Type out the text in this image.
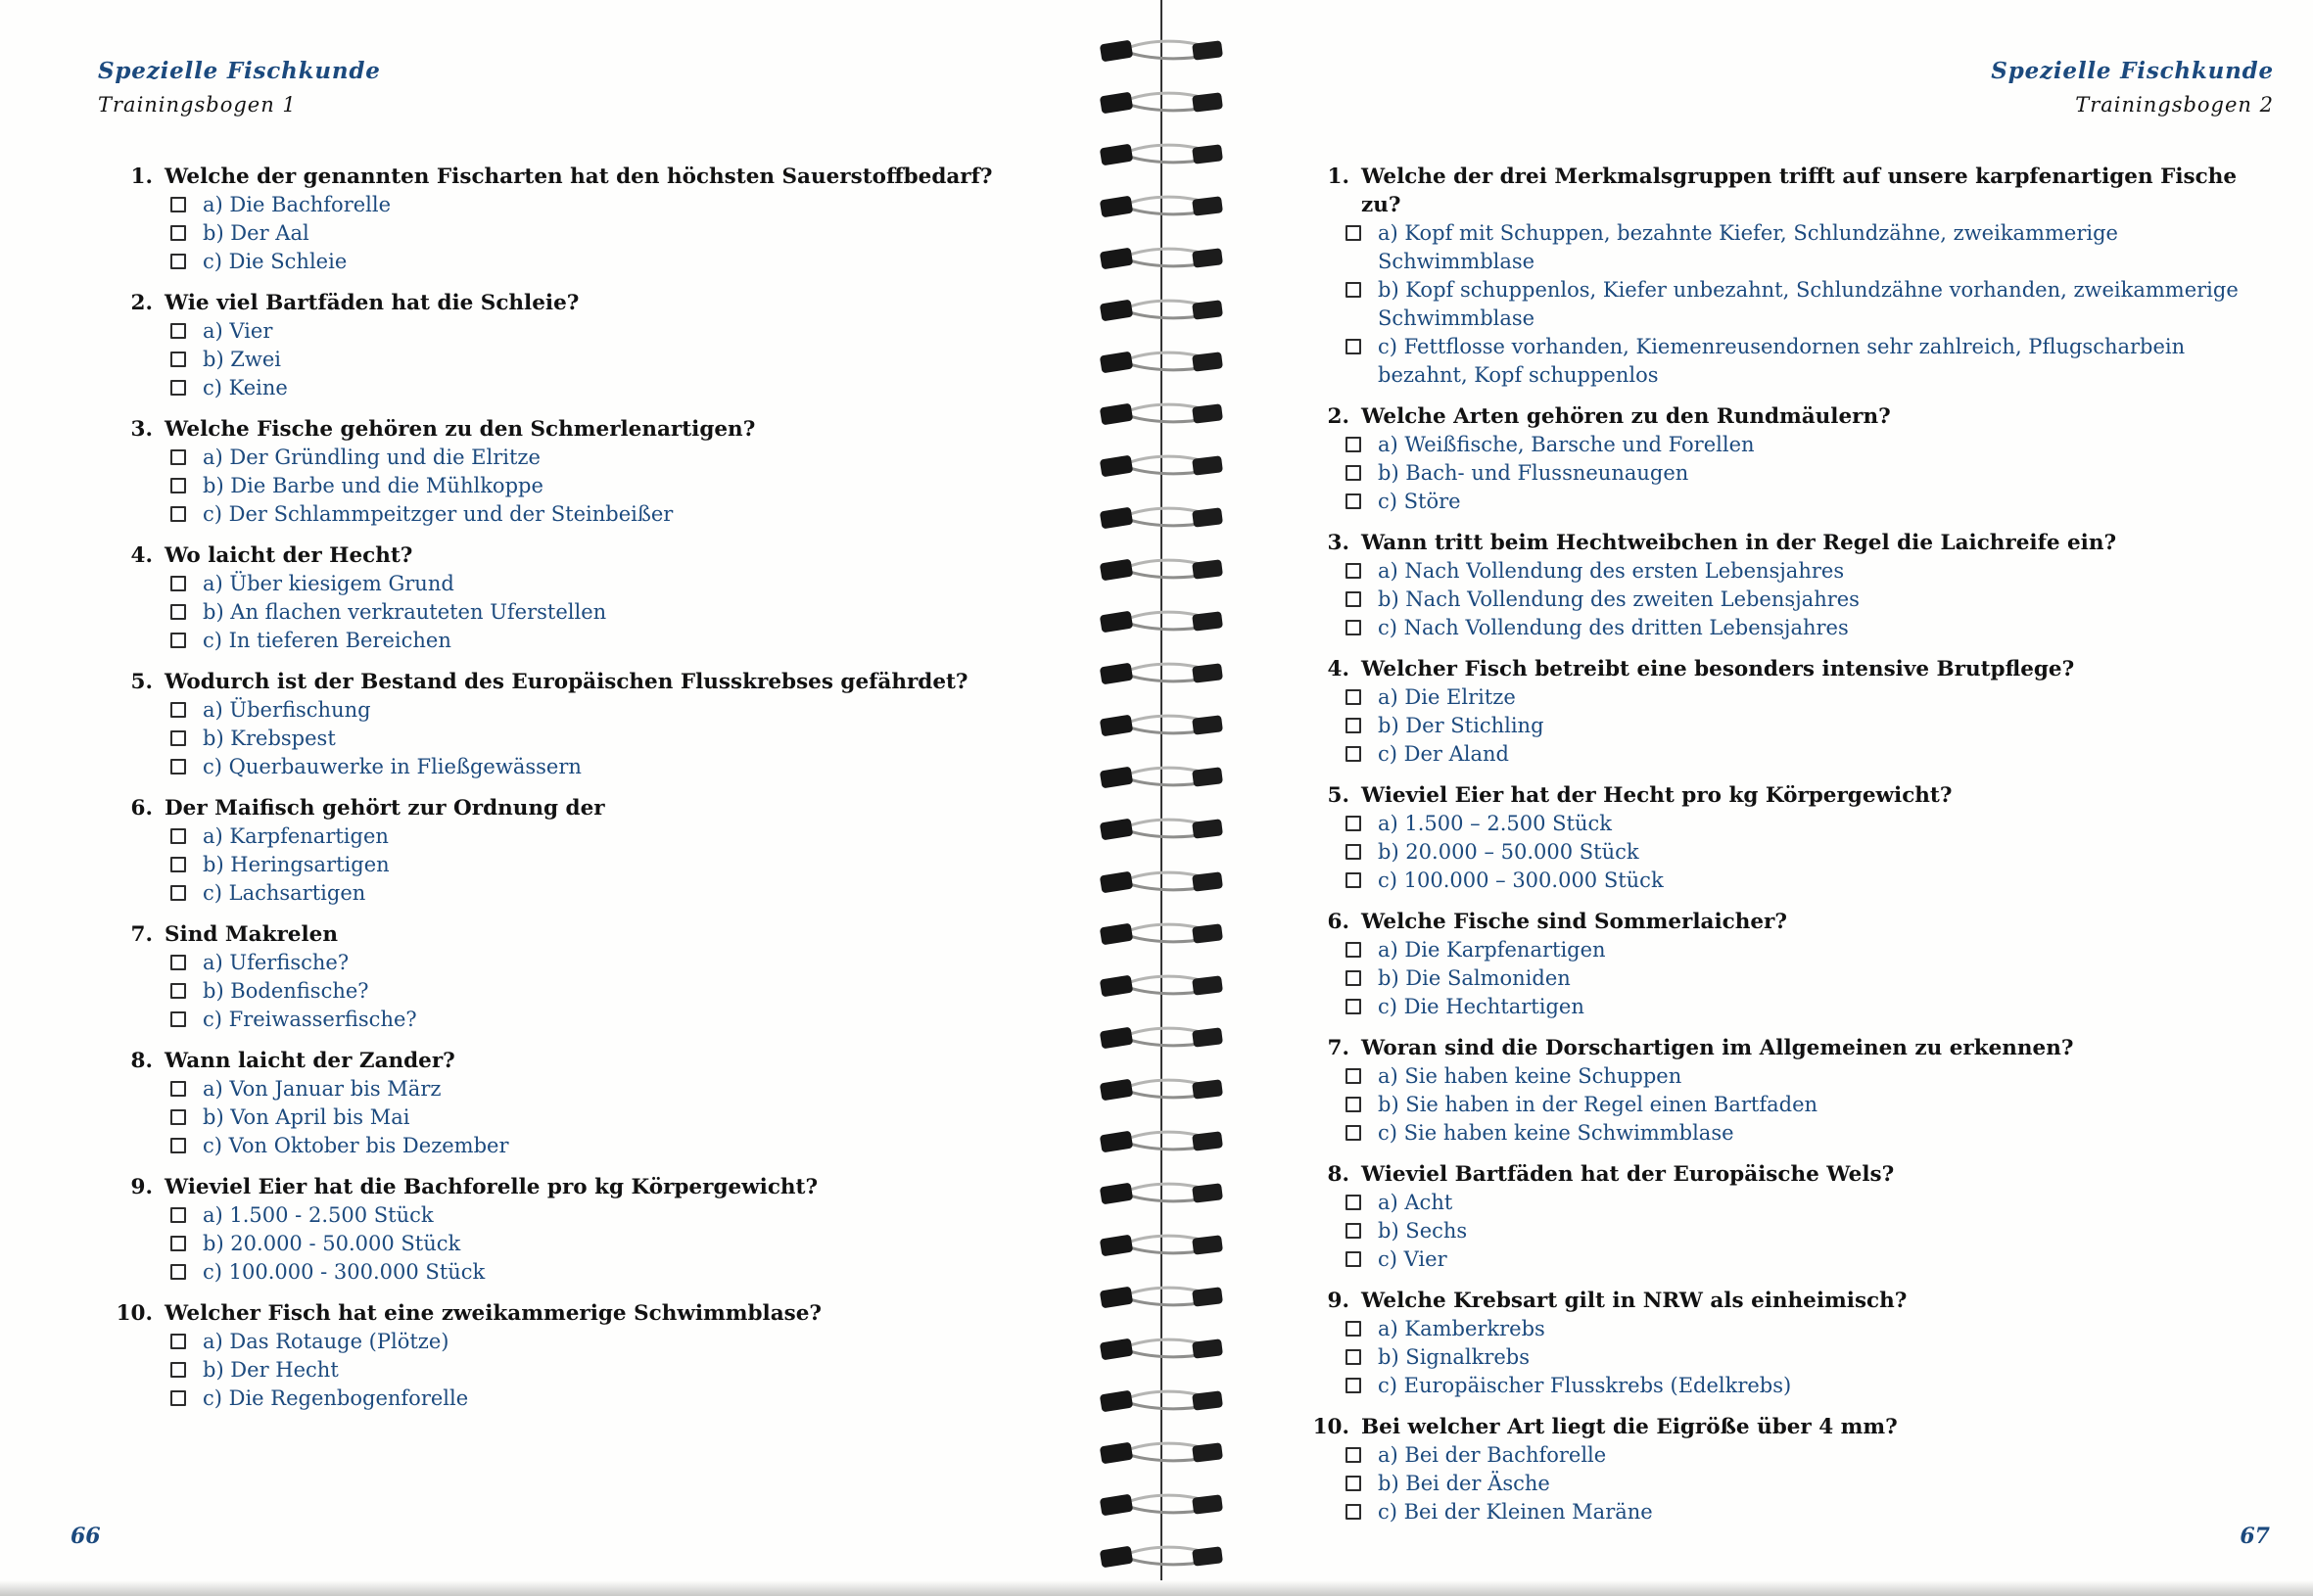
Spezielle Fischkunde
Trainingsbogen 1
1. Welche der genannten Fischarten hat den höchsten Sauerstoffbedarf?
a) Die Bachforelle
b) Der Aal
c) Die Schleie
2. Wie viel Bartfäden hat die Schleie?
a) Vier
b) Zwei
c) Keine
3. Welche Fische gehören zu den Schmerlenartigen?
a) Der Gründling und die Elritze
b) Die Barbe und die Mühlkoppe
c) Der Schlammpeitzger und der Steinbeißer
4. Wo laicht der Hecht?
a) Über kiesigem Grund
b) An flachen verkrauteten Uferstellen
c) In tieferen Bereichen
5. Wodurch ist der Bestand des Europäischen Flusskrebses gefährdet?
a) Überfischung
b) Krebspest
c) Querbauwerke in Fließgewässern
6. Der Maifisch gehört zur Ordnung der
a) Karpfenartigen
b) Heringsartigen
c) Lachsartigen
7. Sind Makrelen
a) Uferfische?
b) Bodenfische?
c) Freiwasserfische?
8. Wann laicht der Zander?
a) Von Januar bis März
b) Von April bis Mai
c) Von Oktober bis Dezember
9. Wieviel Eier hat die Bachforelle pro kg Körpergewicht?
a) 1.500 - 2.500 Stück
b) 20.000 - 50.000 Stück
c) 100.000 - 300.000 Stück
10. Welcher Fisch hat eine zweikammerige Schwimmblase?
a) Das Rotauge (Plötze)
b) Der Hecht
c) Die Regenbogenforelle
66
Spezielle Fischkunde
Trainingsbogen 2
1. Welche der drei Merkmalsgruppen trifft auf unsere karpfenartigen Fische zu?
a) Kopf mit Schuppen, bezahnte Kiefer, Schlundzähne, zweikammerige Schwimmblase
b) Kopf schuppenlos, Kiefer unbezahnt, Schlundzähne vorhanden, zweikammerige Schwimmblase
c) Fettflosse vorhanden, Kiemenreusendornen sehr zahlreich, Pflugscharbein bezahnt, Kopf schuppenlos
2. Welche Arten gehören zu den Rundmäulern?
a) Weißfische, Barsche und Forellen
b) Bach- und Flussneunaugen
c) Störe
3. Wann tritt beim Hechtweibchen in der Regel die Laichreife ein?
a) Nach Vollendung des ersten Lebensjahres
b) Nach Vollendung des zweiten Lebensjahres
c) Nach Vollendung des dritten Lebensjahres
4. Welcher Fisch betreibt eine besonders intensive Brutpflege?
a) Die Elritze
b) Der Stichling
c) Der Aland
5. Wieviel Eier hat der Hecht pro kg Körpergewicht?
a) 1.500 – 2.500 Stück
b) 20.000 – 50.000 Stück
c) 100.000 – 300.000 Stück
6. Welche Fische sind Sommerlaicher?
a) Die Karpfenartigen
b) Die Salmoniden
c) Die Hechtartigen
7. Woran sind die Dorschartigen im Allgemeinen zu erkennen?
a) Sie haben keine Schuppen
b) Sie haben in der Regel einen Bartfaden
c) Sie haben keine Schwimmblase
8. Wieviel Bartfäden hat der Europäische Wels?
a) Acht
b) Sechs
c) Vier
9. Welche Krebsart gilt in NRW als einheimisch?
a) Kamberkrebs
b) Signalkrebs
c) Europäischer Flusskrebs (Edelkrebs)
10. Bei welcher Art liegt die Eigröße über 4 mm?
a) Bei der Bachforelle
b) Bei der Äsche
c) Bei der Kleinen Maräne
67
